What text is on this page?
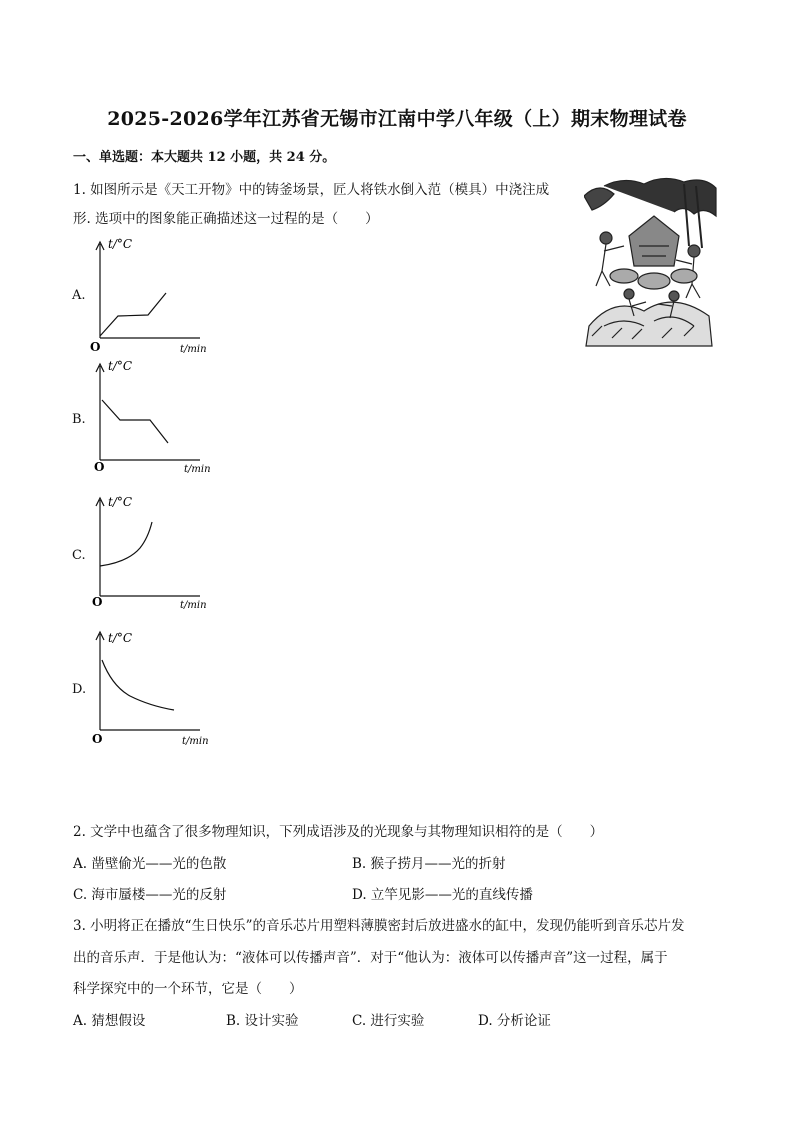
2025-2026学年江苏省无锡市江南中学八年级（上）期末物理试卷
一、单选题：本大题共 12 小题，共 24 分。
1. 如图所示是《天工开物》中的铸釜场景，匠人将铁水倒入范（模具）中浇注成
形. 选项中的图象能正确描述这一过程的是（　　）
A.
t/°C
O	t/min
B.
t/°C
O	t/min
C.
t/°C
O	t/min
D.
t/°C
O	t/min
2. 文学中也蕴含了很多物理知识，下列成语涉及的光现象与其物理知识相符的是（　　）
A. 凿壁偷光——光的色散	B. 猴子捞月——光的折射
C. 海市蜃楼——光的反射	D. 立竿见影——光的直线传播
3. 小明将正在播放“生日快乐”的音乐芯片用塑料薄膜密封后放进盛水的缸中，发现仍能听到音乐芯片发
出的音乐声．于是他认为：“液体可以传播声音”．对于“他认为：液体可以传播声音”这一过程，属于
科学探究中的一个环节，它是（　　）
A. 猜想假设	B. 设计实验	C. 进行实验	D. 分析论证
